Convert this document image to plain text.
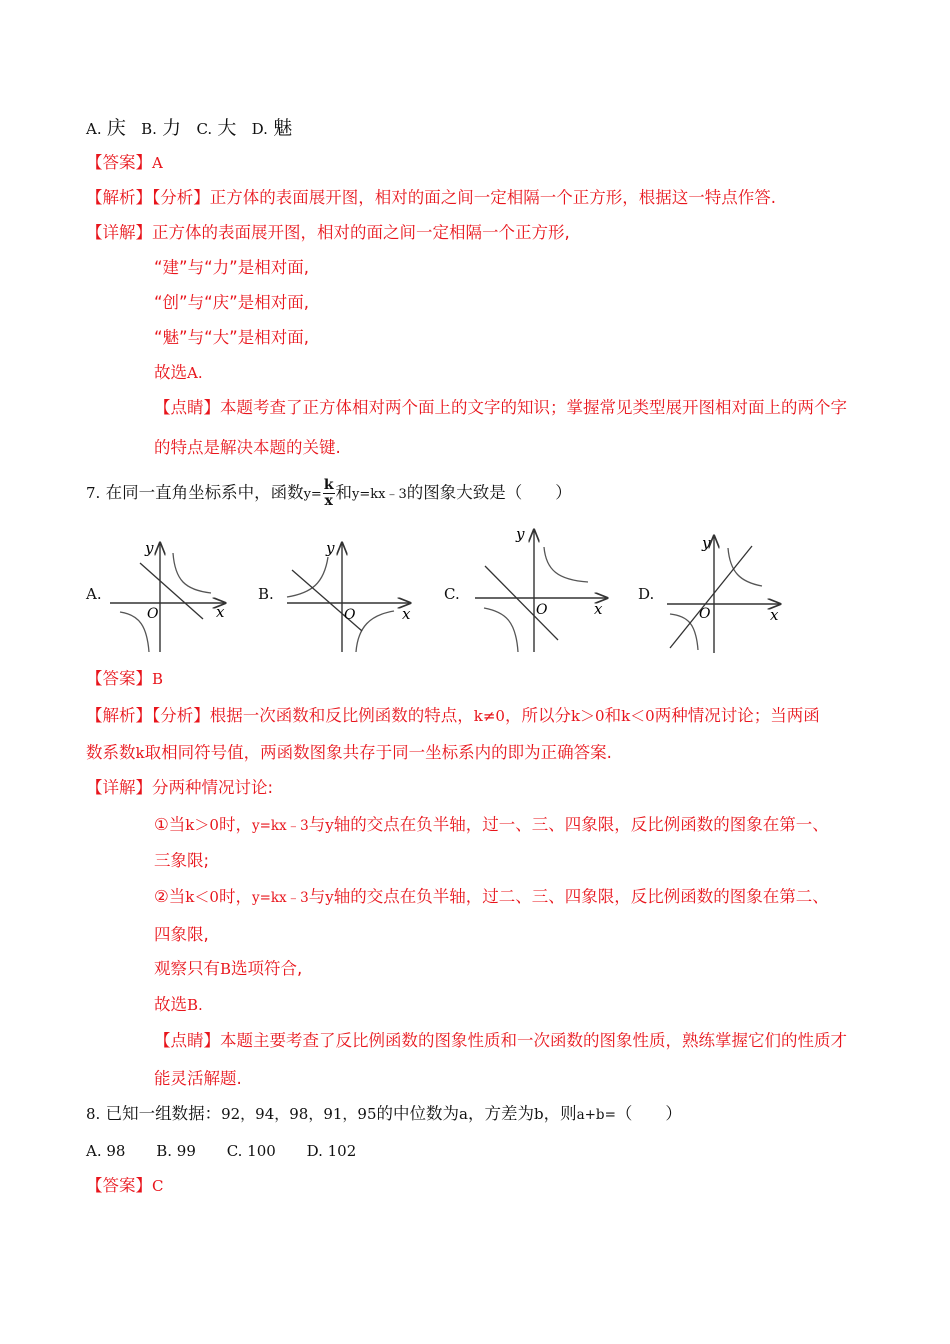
A. 庆 B. 力 C. 大 D. 魅
【答案】A
【解析】【分析】正方体的表面展开图，相对的面之间一定相隔一个正方形，根据这一特点作答.
【详解】正方体的表面展开图，相对的面之间一定相隔一个正方形,
“建”与“力”是相对面,
“创”与“庆”是相对面,
“魅”与“大”是相对面,
故选A.
【点睛】本题考查了正方体相对两个面上的文字的知识；掌握常见类型展开图相对面上的两个字
的特点是解决本题的关键.
7. 在同一直角坐标系中，函数$y= \frac{k}{x}$ 和y=kx﹣3的图象大致是（　　）
A.	B.	C.	D.
y
x
O
y
x
O
y
x
O
y
x
O
【答案】B
【解析】【分析】根据一次函数和反比例函数的特点，k≠0，所以分k＞0和k＜0两种情况讨论；当两函
数系数k取相同符号值，两函数图象共存于同一坐标系内的即为正确答案.
【详解】分两种情况讨论:
①当k＞0时，y=kx﹣3与y轴的交点在负半轴，过一、三、四象限，反比例函数的图象在第一、
三象限;
②当k＜0时，y=kx﹣3与y轴的交点在负半轴，过二、三、四象限，反比例函数的图象在第二、
四象限,
观察只有B选项符合,
故选B.
【点睛】本题主要考查了反比例函数的图象性质和一次函数的图象性质，熟练掌握它们的性质才
能灵活解题.
8. 已知一组数据：92，94，98，91，95的中位数为a，方差为b，则a+b=（　　）
A. 98 B. 99 C. 100 D. 102
【答案】C
